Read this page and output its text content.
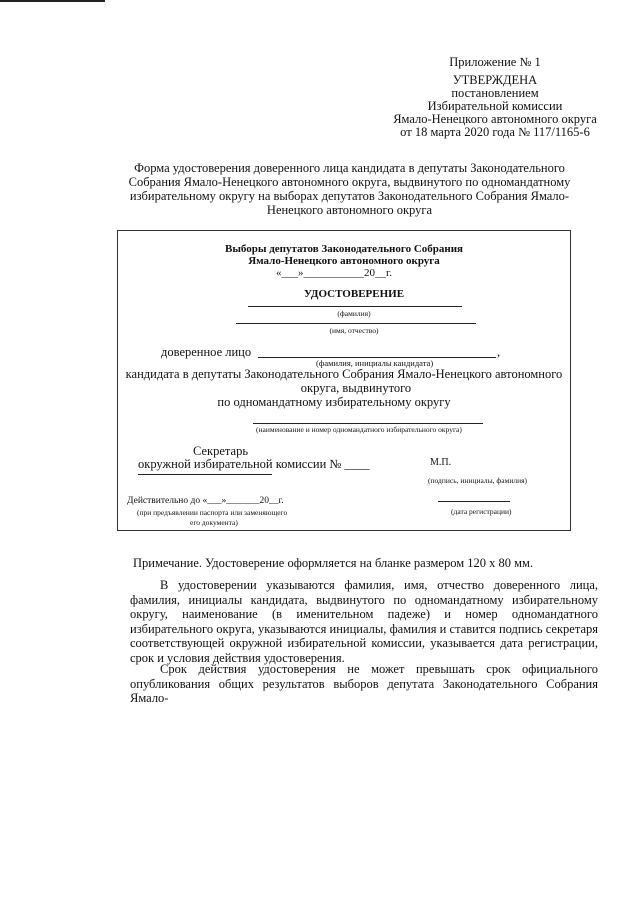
Приложение № 1
УТВЕРЖДЕНА
постановлением
Избирательной комиссии
Ямало-Ненецкого автономного округа
от 18 марта 2020 года № 117/1165-6
Форма удостоверения доверенного лица кандидата в депутаты Законодательного Собрания Ямало-Ненецкого автономного округа, выдвинутого по одномандатному избирательному округу на выборах депутатов Законодательного Собрания Ямало-Ненецкого автономного округа
Выборы депутатов Законодательного Собрания
Ямало-Ненецкого автономного округа
«___»___________20__г.
УДОСТОВЕРЕНИЕ
(фамилия)
(имя, отчество)
доверенное лицо	,
(фамилия, инициалы кандидата)
кандидата в депутаты Законодательного Собрания Ямало-Ненецкого автономного
округа, выдвинутого
по одномандатному избирательному округу
(наименование и номер одномандатного избирательного округа)
Секретарь
окружной избирательной комиссии № ____	М.П.
(подпись, инициалы, фамилия)
Действительно до «___»_______20__г.
(при предъявлении паспорта или заменяющего	(дата регистрации)
его документа)
Примечание. Удостоверение оформляется на бланке размером 120 х 80 мм.
В удостоверении указываются фамилия, имя, отчество доверенного лица, фамилия, инициалы кандидата, выдвинутого по одномандатному избирательному округу, наименование (в именительном падеже) и номер одномандатного избирательного округа, указываются инициалы, фамилия и ставится подпись секретаря соответствующей окружной избирательной комиссии, указывается дата регистрации, срок и условия действия удостоверения.
Срок действия удостоверения не может превышать срок официального опубликования общих результатов выборов депутата Законодательного Собрания Ямало-
